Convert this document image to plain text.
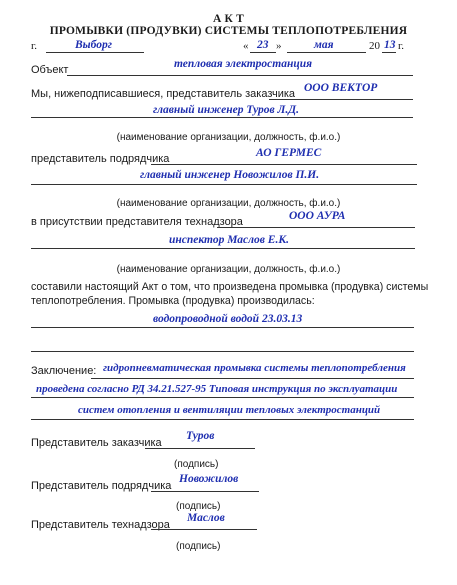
А К Т
ПРОМЫВКИ (ПРОДУВКИ) СИСТЕМЫ ТЕПЛОПОТРЕБЛЕНИЯ
г.	Выборг	« 23 »	мая	20 13 г.
Объект	тепловая электростанция
Мы, нижеподписавшиеся, представитель заказчика ООО ВЕКТОР
главный инженер Туров Л.Д.
(наименование организации, должность, ф.и.о.)
представитель подрядчика	АО ГЕРМЕС
главный инженер Новожилов П.И.
(наименование организации, должность, ф.и.о.)
в присутствии представителя технадзора	ООО АУРА
инспектор Маслов Е.К.
(наименование организации, должность, ф.и.о.)
составили настоящий Акт о том, что произведена промывка (продувка) системы
теплопотребления. Промывка (продувка) производилась:
водопроводной водой 23.03.13
Заключение: гидропневматическая промывка системы теплопотребления
проведена согласно РД 34.21.527-95 Типовая инструкция по эксплуатации
систем отопления и вентиляции тепловых электростанций
Представитель заказчика
Туров
(подпись)
Представитель подрядчика
Новожилов
(подпись)
Представитель технадзора
Маслов
(подпись)
